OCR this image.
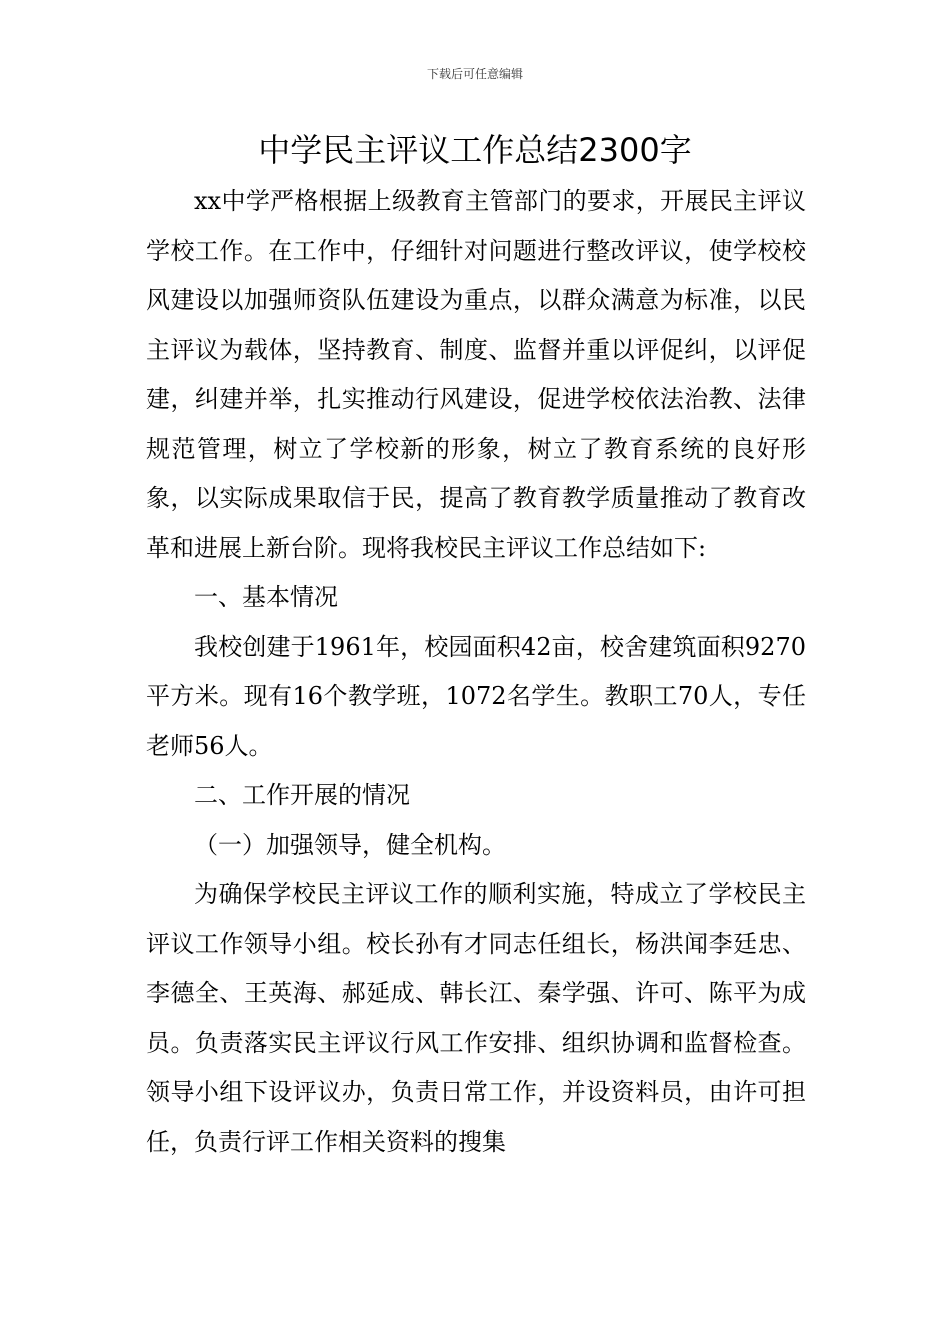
下载后可任意编辑
中学民主评议工作总结2300字

xx中学严格根据上级教育主管部门的要求，开展民主评议学校工作。在工作中，仔细针对问题进行整改评议，使学校校风建设以加强师资队伍建设为重点，以群众满意为标准，以民主评议为载体，坚持教育、制度、监督并重以评促纠，以评促建，纠建并举，扎实推动行风建设，促进学校依法治教、法律规范管理，树立了学校新的形象，树立了教育系统的良好形象，以实际成果取信于民，提高了教育教学质量推动了教育改革和进展上新台阶。现将我校民主评议工作总结如下:

一、基本情况

我校创建于1961年，校园面积42亩，校舍建筑面积9270平方米。现有16个教学班，1072名学生。教职工70人，专任老师56人。

二、工作开展的情况

（一）加强领导，健全机构。

为确保学校民主评议工作的顺利实施，特成立了学校民主评议工作领导小组。校长孙有才同志任组长，杨洪闻李廷忠、李德全、王英海、郝延成、韩长江、秦学强、许可、陈平为成员。负责落实民主评议行风工作安排、组织协调和监督检查。领导小组下设评议办，负责日常工作，并设资料员，由许可担任，负责行评工作相关资料的搜集
